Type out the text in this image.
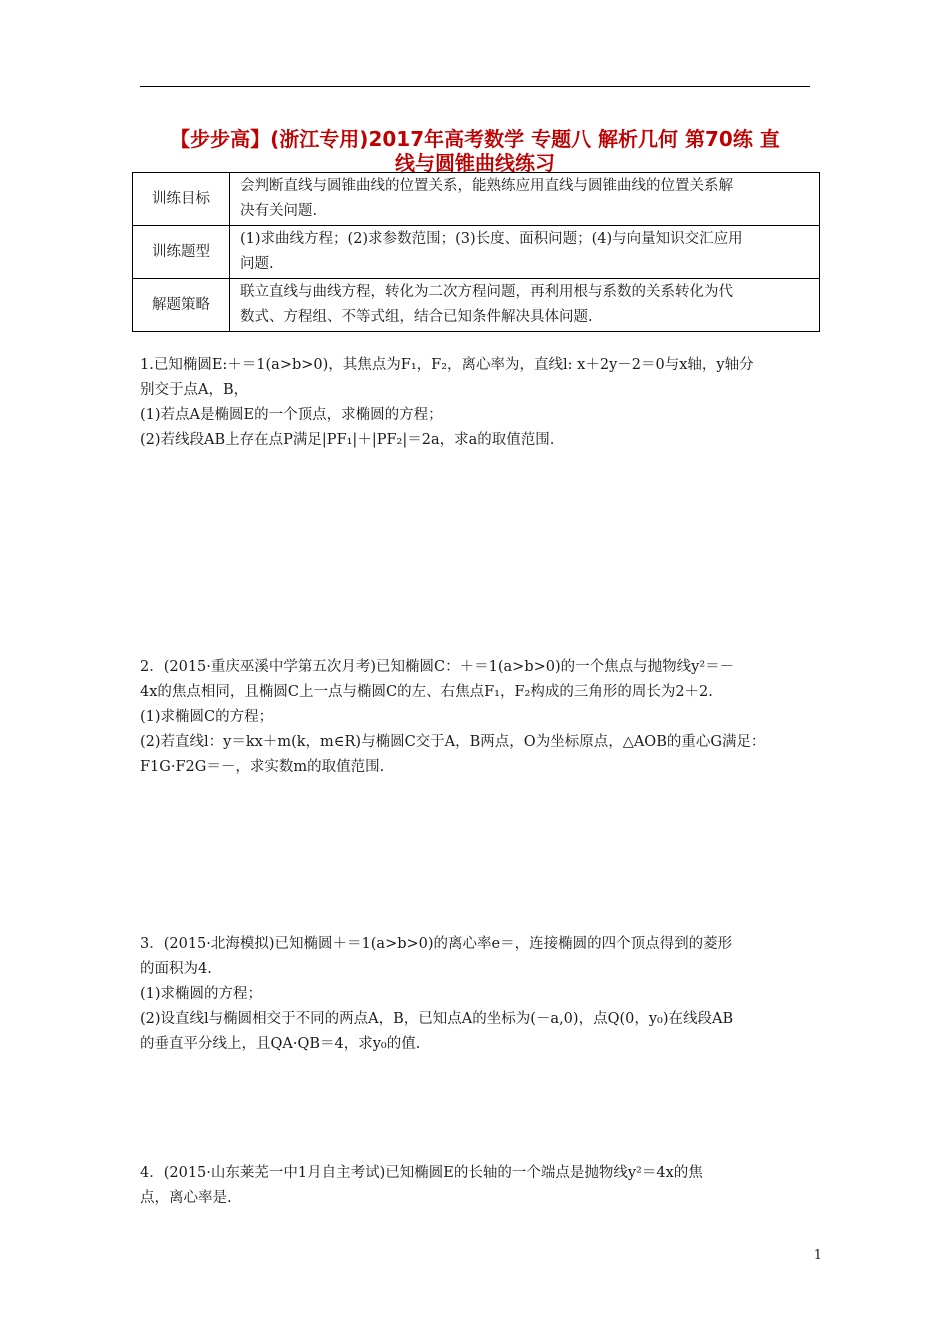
【步步高】(浙江专用)2017年高考数学 专题八 解析几何 第70练 直
线与圆锥曲线练习
训练目标	会判断直线与圆锥曲线的位置关系，能熟练应用直线与圆锥曲线的位置关系解
决有关问题.

训练题型	(1)求曲线方程；(2)求参数范围；(3)长度、面积问题；(4)与向量知识交汇应用
问题.

解题策略	联立直线与曲线方程，转化为二次方程问题，再利用根与系数的关系转化为代
数式、方程组、不等式组，结合已知条件解决具体问题.

1.已知椭圆E:＋＝1(a>b>0)，其焦点为F₁，F₂，离心率为，直线l: x＋2y－2＝0与x轴，y轴分

别交于点A，B，

(1)若点A是椭圆E的一个顶点，求椭圆的方程；

(2)若线段AB上存在点P满足|PF₁|＋|PF₂|＝2a，求a的取值范围.

2．(2015·重庆巫溪中学第五次月考)已知椭圆C：＋＝1(a>b>0)的一个焦点与抛物线y²＝－

4x的焦点相同，且椭圆C上一点与椭圆C的左、右焦点F₁，F₂构成的三角形的周长为2＋2.

(1)求椭圆C的方程；

(2)若直线l：y＝kx＋m(k，m∈R)与椭圆C交于A，B两点，O为坐标原点，△AOB的重心G满足：

F1G·F2G＝－，求实数m的取值范围.

3．(2015·北海模拟)已知椭圆＋＝1(a>b>0)的离心率e＝，连接椭圆的四个顶点得到的菱形

的面积为4.

(1)求椭圆的方程；

(2)设直线l与椭圆相交于不同的两点A，B，已知点A的坐标为(－a,0)，点Q(0，y₀)在线段AB

的垂直平分线上，且QA·QB＝4，求y₀的值.

4．(2015·山东莱芜一中1月自主考试)已知椭圆E的长轴的一个端点是抛物线y²＝4x的焦

点，离心率是.

1
